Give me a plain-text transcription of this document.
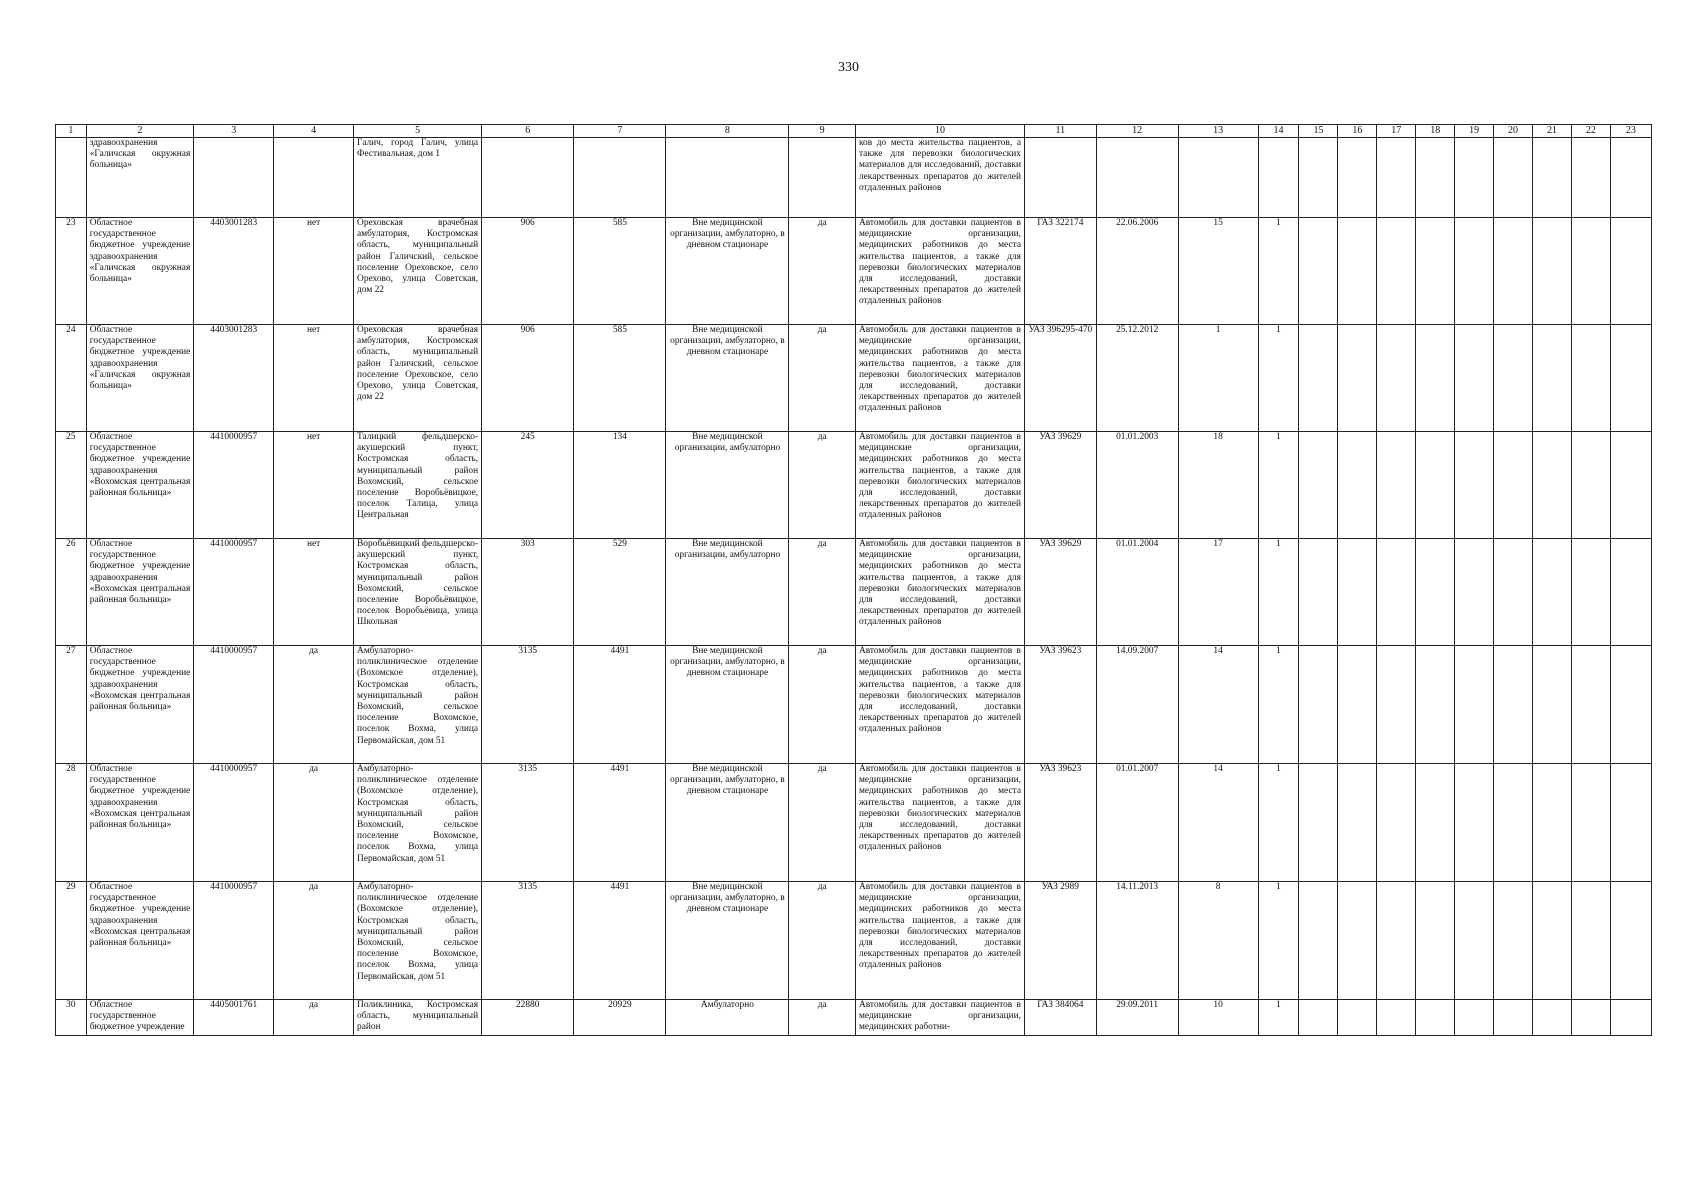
330
1	2	3	4	5	6	7	8	9	10	11	12	13	14	15	16	17	18	19	20	21	22	23
	здравоохранения «Галичская окружная больница»			Галич, город Галич, улица Фестивальная, дом 1					ков до места жительства пациентов, а также для перевозки биологических материалов для исследований, доставки лекарственных препаратов до жителей отдаленных районов													
23	Областное государственное бюджетное учреждение здравоохранения «Галичская окружная больница»	4403001283	нет	Ореховская врачебная амбулатория, Костромская область, муниципальный район Галичский, сельское поселение Ореховское, село Орехово, улица Советская, дом 22	906	585	Вне медицинской организации, амбулаторно, в дневном стационаре	да	Автомобиль для доставки пациентов в медицинские организации, медицинских работников до места жительства пациентов, а также для перевозки биологических материалов для исследований, доставки лекарственных препаратов до жителей отдаленных районов	ГАЗ 322174	22.06.2006	15	1									
24	Областное государственное бюджетное учреждение здравоохранения «Галичская окружная больница»	4403001283	нет	Ореховская врачебная амбулатория, Костромская область, муниципальный район Галичский, сельское поселение Ореховское, село Орехово, улица Советская, дом 22	906	585	Вне медицинской организации, амбулаторно, в дневном стационаре	да	Автомобиль для доставки пациентов в медицинские организации, медицинских работников до места жительства пациентов, а также для перевозки биологических материалов для исследований, доставки лекарственных препаратов до жителей отдаленных районов	УАЗ 396295-470	25.12.2012	1	1									
25	Областное государственное бюджетное учреждение здравоохранения «Вохомская центральная районная больница»	4410000957	нет	Талицкий фельдшерско-акушерский пункт, Костромская область, муниципальный район Вохомский, сельское поселение Воробьёвицкое, поселок Талица, улица Центральная	245	134	Вне медицинской организации, амбулаторно	да	Автомобиль для доставки пациентов в медицинские организации, медицинских работников до места жительства пациентов, а также для перевозки биологических материалов для исследований, доставки лекарственных препаратов до жителей отдаленных районов	УАЗ 39629	01.01.2003	18	1									
26	Областное государственное бюджетное учреждение здравоохранения «Вохомская центральная районная больница»	4410000957	нет	Воробьёвицкий фельдшерско-акушерский пункт, Костромская область, муниципальный район Вохомский, сельское поселение Воробьёвицкое, поселок Воробьёвица, улица Школьная	303	529	Вне медицинской организации, амбулаторно	да	Автомобиль для доставки пациентов в медицинские организации, медицинских работников до места жительства пациентов, а также для перевозки биологических материалов для исследований, доставки лекарственных препаратов до жителей отдаленных районов	УАЗ 39629	01.01.2004	17	1									
27	Областное государственное бюджетное учреждение здравоохранения «Вохомская центральная районная больница»	4410000957	да	Амбулаторно-поликлиническое отделение (Вохомское отделение), Костромская область, муниципальный район Вохомский, сельское поселение Вохомское, поселок Вохма, улица Первомайская, дом 51	3135	4491	Вне медицинской организации, амбулаторно, в дневном стационаре	да	Автомобиль для доставки пациентов в медицинские организации, медицинских работников до места жительства пациентов, а также для перевозки биологических материалов для исследований, доставки лекарственных препаратов до жителей отдаленных районов	УАЗ 39623	14.09.2007	14	1									
28	Областное государственное бюджетное учреждение здравоохранения «Вохомская центральная районная больница»	4410000957	да	Амбулаторно-поликлиническое отделение (Вохомское отделение), Костромская область, муниципальный район Вохомский, сельское поселение Вохомское, поселок Вохма, улица Первомайская, дом 51	3135	4491	Вне медицинской организации, амбулаторно, в дневном стационаре	да	Автомобиль для доставки пациентов в медицинские организации, медицинских работников до места жительства пациентов, а также для перевозки биологических материалов для исследований, доставки лекарственных препаратов до жителей отдаленных районов	УАЗ 39623	01.01.2007	14	1									
29	Областное государственное бюджетное учреждение здравоохранения «Вохомская центральная районная больница»	4410000957	да	Амбулаторно-поликлиническое отделение (Вохомское отделение), Костромская область, муниципальный район Вохомский, сельское поселение Вохомское, поселок Вохма, улица Первомайская, дом 51	3135	4491	Вне медицинской организации, амбулаторно, в дневном стационаре	да	Автомобиль для доставки пациентов в медицинские организации, медицинских работников до места жительства пациентов, а также для перевозки биологических материалов для исследований, доставки лекарственных препаратов до жителей отдаленных районов	УАЗ 2989	14.11.2013	8	1									
30	Областное государственное бюджетное учреждение	4405001761	да	Поликлиника, Костромская область, муниципальный район	22880	20929	Амбулаторно	да	Автомобиль для доставки пациентов в медицинские организации, медицинских работни-	ГАЗ 384064	29.09.2011	10	1									
